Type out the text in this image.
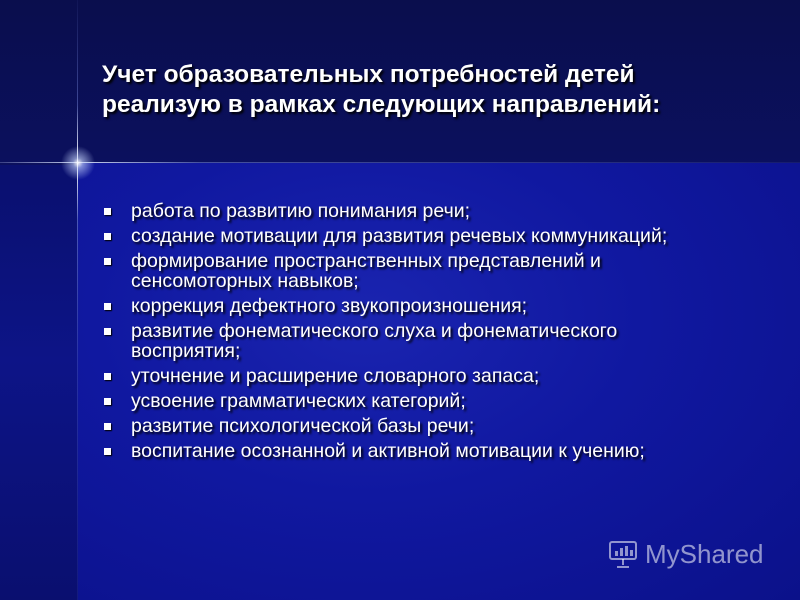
Учет образовательных потребностей детей
реализую в рамках следующих направлений:
работа по развитию понимания речи;
создание мотивации для развития речевых коммуникаций;
формирование пространственных представлений и
сенсомоторных навыков;
коррекция дефектного звукопроизношения;
развитие фонематического слуха и фонематического
восприятия;
уточнение и расширение словарного запаса;
усвоение грамматических категорий;
развитие психологической базы речи;
воспитание осознанной и активной мотивации к учению;
MyShared
